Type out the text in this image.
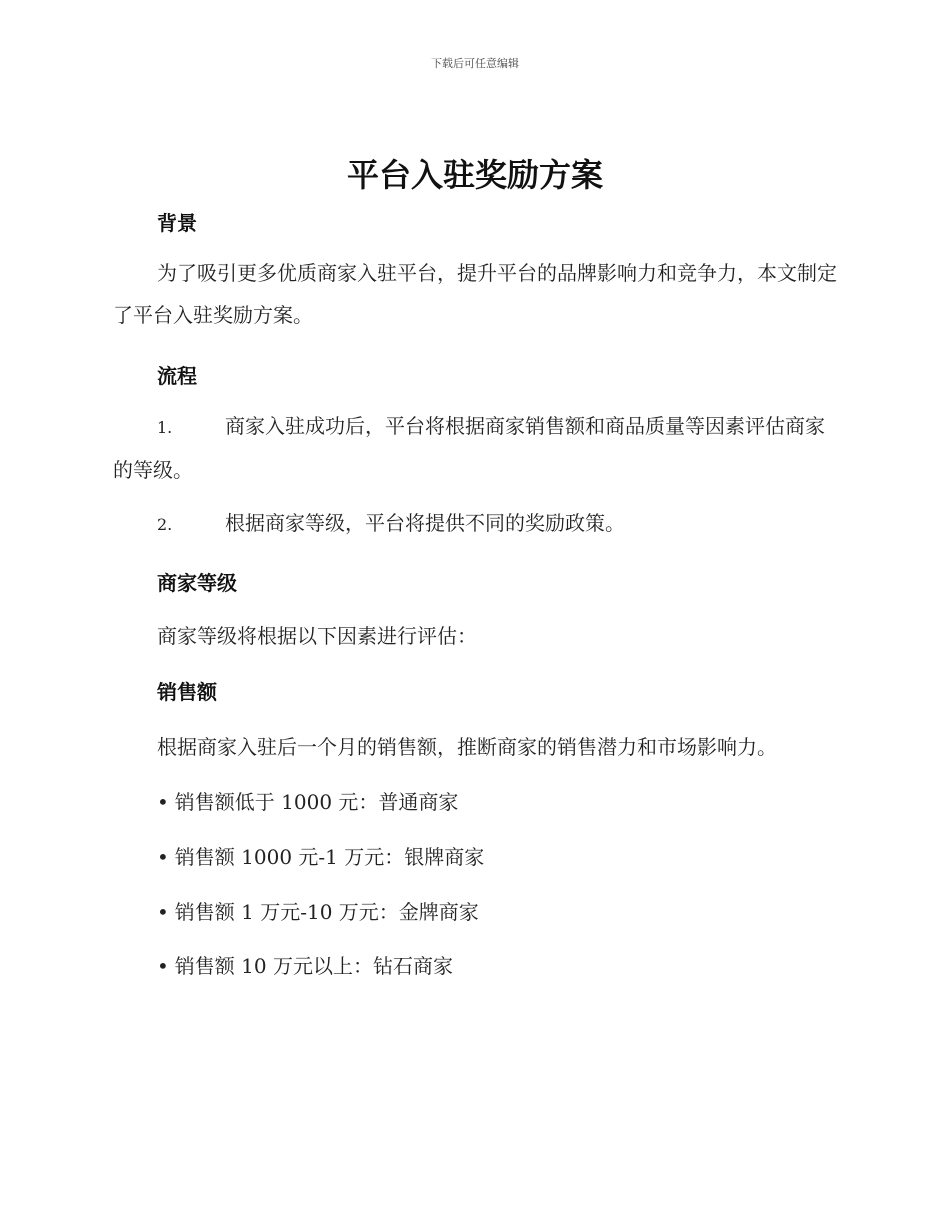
下载后可任意编辑
平台入驻奖励方案
背景

为了吸引更多优质商家入驻平台，提升平台的品牌影响力和竞争力，本文制定了平台入驻奖励方案。

流程

1.	商家入驻成功后，平台将根据商家销售额和商品质量等因素评估商家的等级。

2.	根据商家等级，平台将提供不同的奖励政策。

商家等级

商家等级将根据以下因素进行评估：

销售额

根据商家入驻后一个月的销售额，推断商家的销售潜力和市场影响力。

• 销售额低于 1000 元：普通商家

• 销售额 1000 元-1 万元：银牌商家

• 销售额 1 万元-10 万元：金牌商家

• 销售额 10 万元以上：钻石商家
